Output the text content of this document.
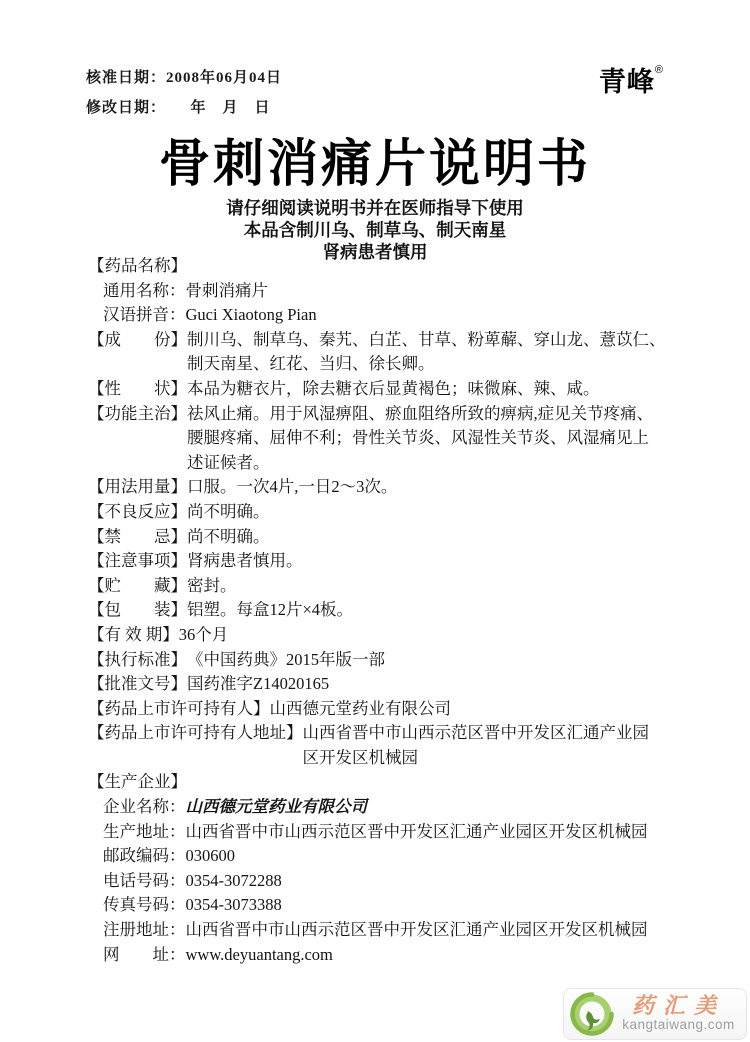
核准日期：2008年06月04日
修改日期：　　年　月　日
青峰®
骨刺消痛片说明书
请仔细阅读说明书并在医师指导下使用
本品含制川乌、制草乌、制天南星
肾病患者慎用
【药品名称】
通用名称： 骨刺消痛片
汉语拼音： Guci Xiaotong Pian
【成　　份】 制川乌、制草乌、秦艽、白芷、甘草、粉萆薢、穿山龙、薏苡仁、
制天南星、红花、当归、徐长卿。
【性　　状】 本品为糖衣片，除去糖衣后显黄褐色；味微麻、辣、咸。
【功能主治】 祛风止痛。用于风湿痹阻、瘀血阻络所致的痹病,症见关节疼痛、
腰腿疼痛、屈伸不利；骨性关节炎、风湿性关节炎、风湿痛见上
述证候者。
【用法用量】 口服。一次4片,一日2～3次。
【不良反应】 尚不明确。
【禁　　忌】 尚不明确。
【注意事项】 肾病患者慎用。
【贮　　藏】 密封。
【包　　装】 铝塑。每盒12片×4板。
【有 效 期】 36个月
【执行标准】 《中国药典》2015年版一部
【批准文号】 国药准字Z14020165
【药品上市许可持有人】 山西德元堂药业有限公司
【药品上市许可持有人地址】 山西省晋中市山西示范区晋中开发区汇通产业园
区开发区机械园
【生产企业】
企业名称： 山西德元堂药业有限公司
生产地址： 山西省晋中市山西示范区晋中开发区汇通产业园区开发区机械园
邮政编码： 030600
电话号码： 0354-3072288
传真号码： 0354-3073388
注册地址： 山西省晋中市山西示范区晋中开发区汇通产业园区开发区机械园
网　　址： www.deyuantang.com
药汇美
kangtaiwang.com
